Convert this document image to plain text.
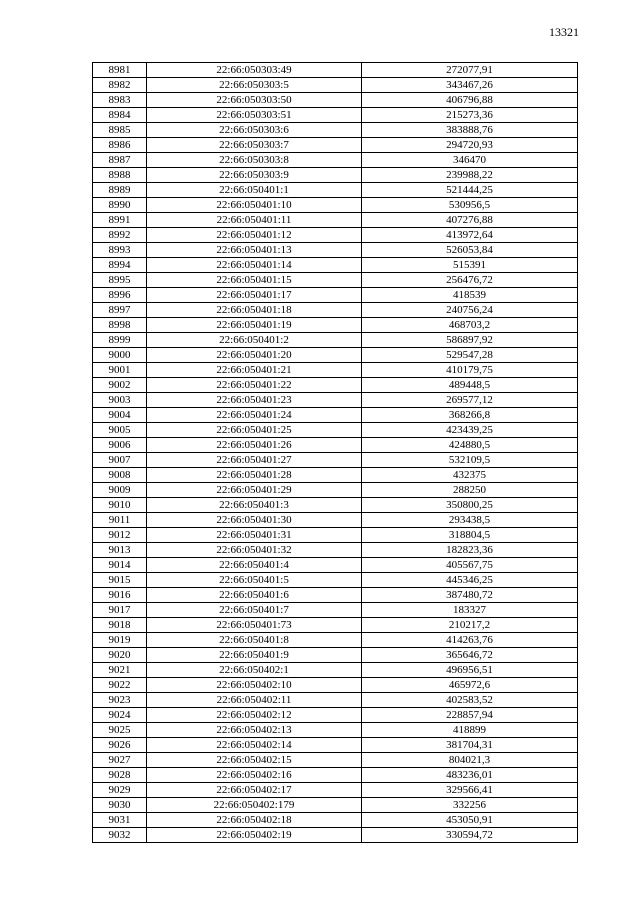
13321
8981	22:66:050303:49	272077,91
8982	22:66:050303:5	343467,26
8983	22:66:050303:50	406796,88
8984	22:66:050303:51	215273,36
8985	22:66:050303:6	383888,76
8986	22:66:050303:7	294720,93
8987	22:66:050303:8	346470
8988	22:66:050303:9	239988,22
8989	22:66:050401:1	521444,25
8990	22:66:050401:10	530956,5
8991	22:66:050401:11	407276,88
8992	22:66:050401:12	413972,64
8993	22:66:050401:13	526053,84
8994	22:66:050401:14	515391
8995	22:66:050401:15	256476,72
8996	22:66:050401:17	418539
8997	22:66:050401:18	240756,24
8998	22:66:050401:19	468703,2
8999	22:66:050401:2	586897,92
9000	22:66:050401:20	529547,28
9001	22:66:050401:21	410179,75
9002	22:66:050401:22	489448,5
9003	22:66:050401:23	269577,12
9004	22:66:050401:24	368266,8
9005	22:66:050401:25	423439,25
9006	22:66:050401:26	424880,5
9007	22:66:050401:27	532109,5
9008	22:66:050401:28	432375
9009	22:66:050401:29	288250
9010	22:66:050401:3	350800,25
9011	22:66:050401:30	293438,5
9012	22:66:050401:31	318804,5
9013	22:66:050401:32	182823,36
9014	22:66:050401:4	405567,75
9015	22:66:050401:5	445346,25
9016	22:66:050401:6	387480,72
9017	22:66:050401:7	183327
9018	22:66:050401:73	210217,2
9019	22:66:050401:8	414263,76
9020	22:66:050401:9	365646,72
9021	22:66:050402:1	496956,51
9022	22:66:050402:10	465972,6
9023	22:66:050402:11	402583,52
9024	22:66:050402:12	228857,94
9025	22:66:050402:13	418899
9026	22:66:050402:14	381704,31
9027	22:66:050402:15	804021,3
9028	22:66:050402:16	483236,01
9029	22:66:050402:17	329566,41
9030	22:66:050402:179	332256
9031	22:66:050402:18	453050,91
9032	22:66:050402:19	330594,72
